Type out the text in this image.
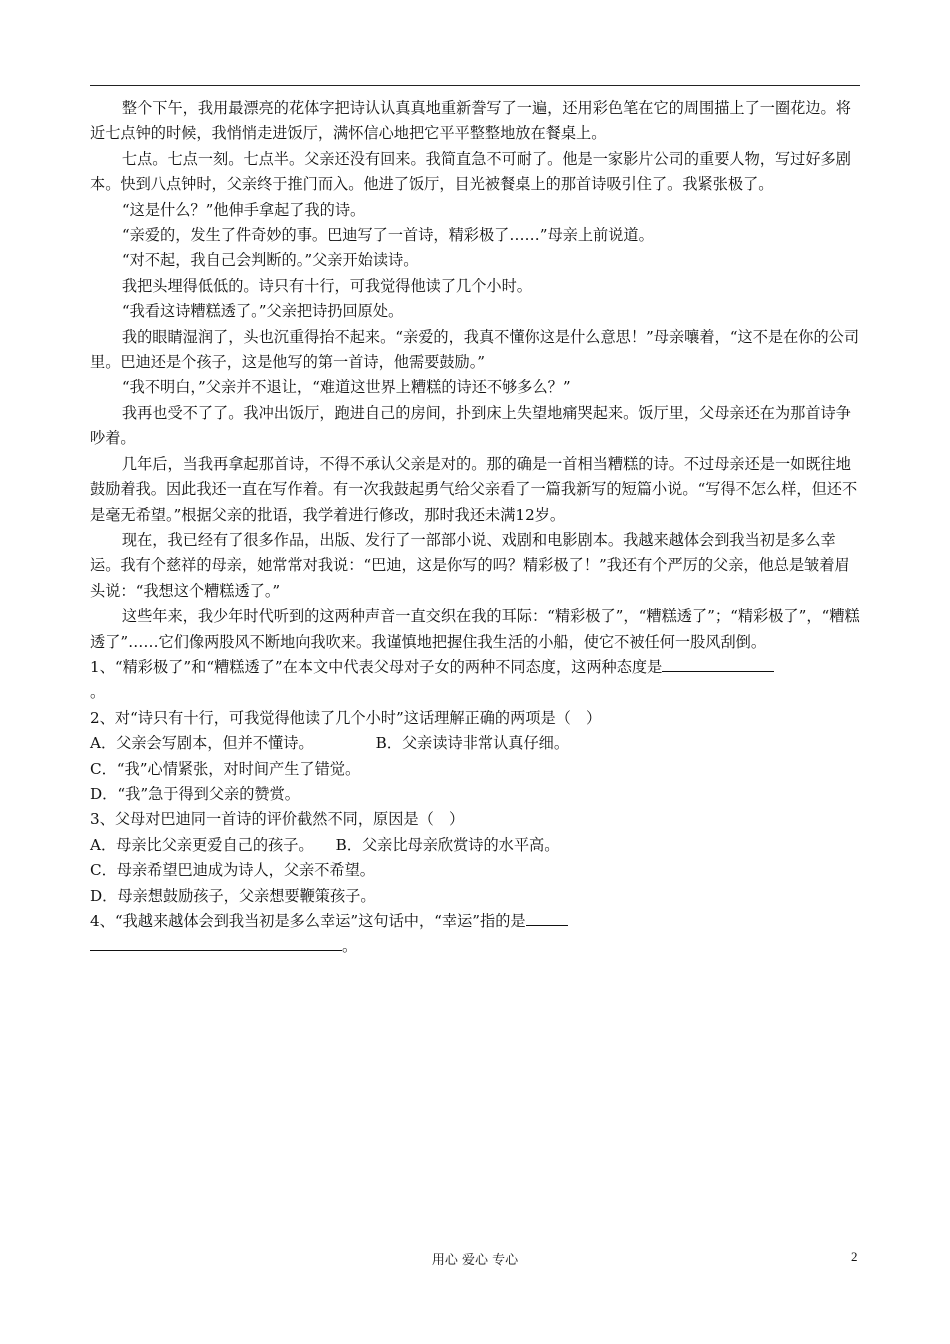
整个下午，我用最漂亮的花体字把诗认认真真地重新誊写了一遍，还用彩色笔在它的周围描上了一圈花边。将近七点钟的时候，我悄悄走进饭厅，满怀信心地把它平平整整地放在餐桌上。

七点。七点一刻。七点半。父亲还没有回来。我简直急不可耐了。他是一家影片公司的重要人物，写过好多剧本。快到八点钟时，父亲终于推门而入。他进了饭厅，目光被餐桌上的那首诗吸引住了。我紧张极了。

“这是什么？”他伸手拿起了我的诗。

“亲爱的，发生了件奇妙的事。巴迪写了一首诗，精彩极了……”母亲上前说道。

“对不起，我自己会判断的。”父亲开始读诗。

我把头埋得低低的。诗只有十行，可我觉得他读了几个小时。

“我看这诗糟糕透了。”父亲把诗扔回原处。

我的眼睛湿润了，头也沉重得抬不起来。“亲爱的，我真不懂你这是什么意思！”母亲嚷着，“这不是在你的公司里。巴迪还是个孩子，这是他写的第一首诗，他需要鼓励。”

“我不明白，”父亲并不退让，“难道这世界上糟糕的诗还不够多么？”

我再也受不了了。我冲出饭厅，跑进自己的房间，扑到床上失望地痛哭起来。饭厅里，父母亲还在为那首诗争吵着。

几年后，当我再拿起那首诗，不得不承认父亲是对的。那的确是一首相当糟糕的诗。不过母亲还是一如既往地鼓励着我。因此我还一直在写作着。有一次我鼓起勇气给父亲看了一篇我新写的短篇小说。“写得不怎么样，但还不是毫无希望。”根据父亲的批语，我学着进行修改，那时我还未满12岁。

现在，我已经有了很多作品，出版、发行了一部部小说、戏剧和电影剧本。我越来越体会到我当初是多么幸运。我有个慈祥的母亲，她常常对我说：“巴迪，这是你写的吗？精彩极了！”我还有个严厉的父亲，他总是皱着眉头说：“我想这个糟糕透了。”

这些年来，我少年时代听到的这两种声音一直交织在我的耳际：“精彩极了”，“糟糕透了”；“精彩极了”，“糟糕透了”……它们像两股风不断地向我吹来。我谨慎地把握住我生活的小船，使它不被任何一股风刮倒。

1、“精彩极了”和“糟糕透了”在本文中代表父母对子女的两种不同态度，这两种态度是

。

2、对“诗只有十行，可我觉得他读了几个小时”这话理解正确的两项是（　）

A．父亲会写剧本，但并不懂诗。	B．父亲读诗非常认真仔细。

C．“我”心情紧张，对时间产生了错觉。

D．“我”急于得到父亲的赞赏。

3、父母对巴迪同一首诗的评价截然不同，原因是（　）

A．母亲比父亲更爱自己的孩子。 B．父亲比母亲欣赏诗的水平高。

C．母亲希望巴迪成为诗人，父亲不希望。

D．母亲想鼓励孩子，父亲想要鞭策孩子。

4、“我越来越体会到我当初是多么幸运”这句话中，“幸运”指的是

。

用心 爱心 专心	2
